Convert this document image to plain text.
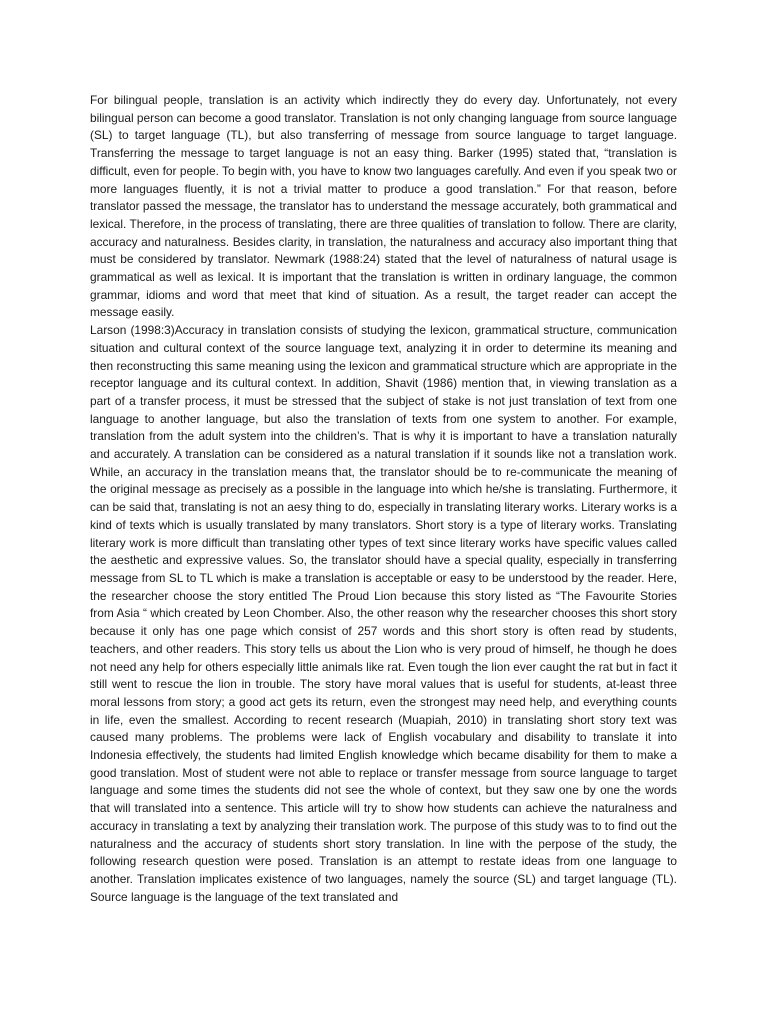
For bilingual people, translation is an activity which indirectly they do every day. Unfortunately, not every bilingual person can become a good translator. Translation is not only changing language from source language (SL) to target language (TL), but also transferring of message from source language to target language. Transferring the message to target language is not an easy thing. Barker (1995) stated that, “translation is difficult, even for people. To begin with, you have to know two languages carefully. And even if you speak two or more languages fluently, it is not a trivial matter to produce a good translation.” For that reason, before translator passed the message, the translator has to understand the message accurately, both grammatical and lexical. Therefore, in the process of translating, there are three qualities of translation to follow. There are clarity, accuracy and naturalness. Besides clarity, in translation, the naturalness and accuracy also important thing that must be considered by translator. Newmark (1988:24) stated that the level of naturalness of natural usage is grammatical as well as lexical. It is important that the translation is written in ordinary language, the common grammar, idioms and word that meet that kind of situation. As a result, the target reader can accept the message easily.

Larson (1998:3)Accuracy in translation consists of studying the lexicon, grammatical structure, communication situation and cultural context of the source language text, analyzing it in order to determine its meaning and then reconstructing this same meaning using the lexicon and grammatical structure which are appropriate in the receptor language and its cultural context. In addition, Shavit (1986) mention that, in viewing translation as a part of a transfer process, it must be stressed that the subject of stake is not just translation of text from one language to another language, but also the translation of texts from one system to another. For example, translation from the adult system into the children’s. That is why it is important to have a translation naturally and accurately. A translation can be considered as a natural translation if it sounds like not a translation work. While, an accuracy in the translation means that, the translator should be to re-communicate the meaning of the original message as precisely as a possible in the language into which he/she is translating. Furthermore, it can be said that, translating is not an aesy thing to do, especially in translating literary works. Literary works is a kind of texts which is usually translated by many translators. Short story is a type of literary works. Translating literary work is more difficult than translating other types of text since literary works have specific values called the aesthetic and expressive values. So, the translator should have a special quality, especially in transferring message from SL to TL which is make a translation is acceptable or easy to be understood by the reader. Here, the researcher choose the story entitled The Proud Lion because this story listed as “The Favourite Stories from Asia “ which created by Leon Chomber. Also, the other reason why the researcher chooses this short story because it only has one page which consist of 257 words and this short story is often read by students, teachers, and other readers. This story tells us about the Lion who is very proud of himself, he though he does not need any help for others especially little animals like rat. Even tough the lion ever caught the rat but in fact it still went to rescue the lion in trouble. The story have moral values that is useful for students, at-least three moral lessons from story; a good act gets its return, even the strongest may need help, and everything counts in life, even the smallest. According to recent research (Muapiah, 2010) in translating short story text was caused many problems. The problems were lack of English vocabulary and disability to translate it into Indonesia effectively, the students had limited English knowledge which became disability for them to make a good translation. Most of student were not able to replace or transfer message from source language to target language and some times the students did not see the whole of context, but they saw one by one the words that will translated into a sentence. This article will try to show how students can achieve the naturalness and accuracy in translating a text by analyzing their translation work. The purpose of this study was to to find out the naturalness and the accuracy of students short story translation. In line with the perpose of the study, the following research question were posed. Translation is an attempt to restate ideas from one language to another. Translation implicates existence of two languages, namely the source (SL) and target language (TL). Source language is the language of the text translated and
